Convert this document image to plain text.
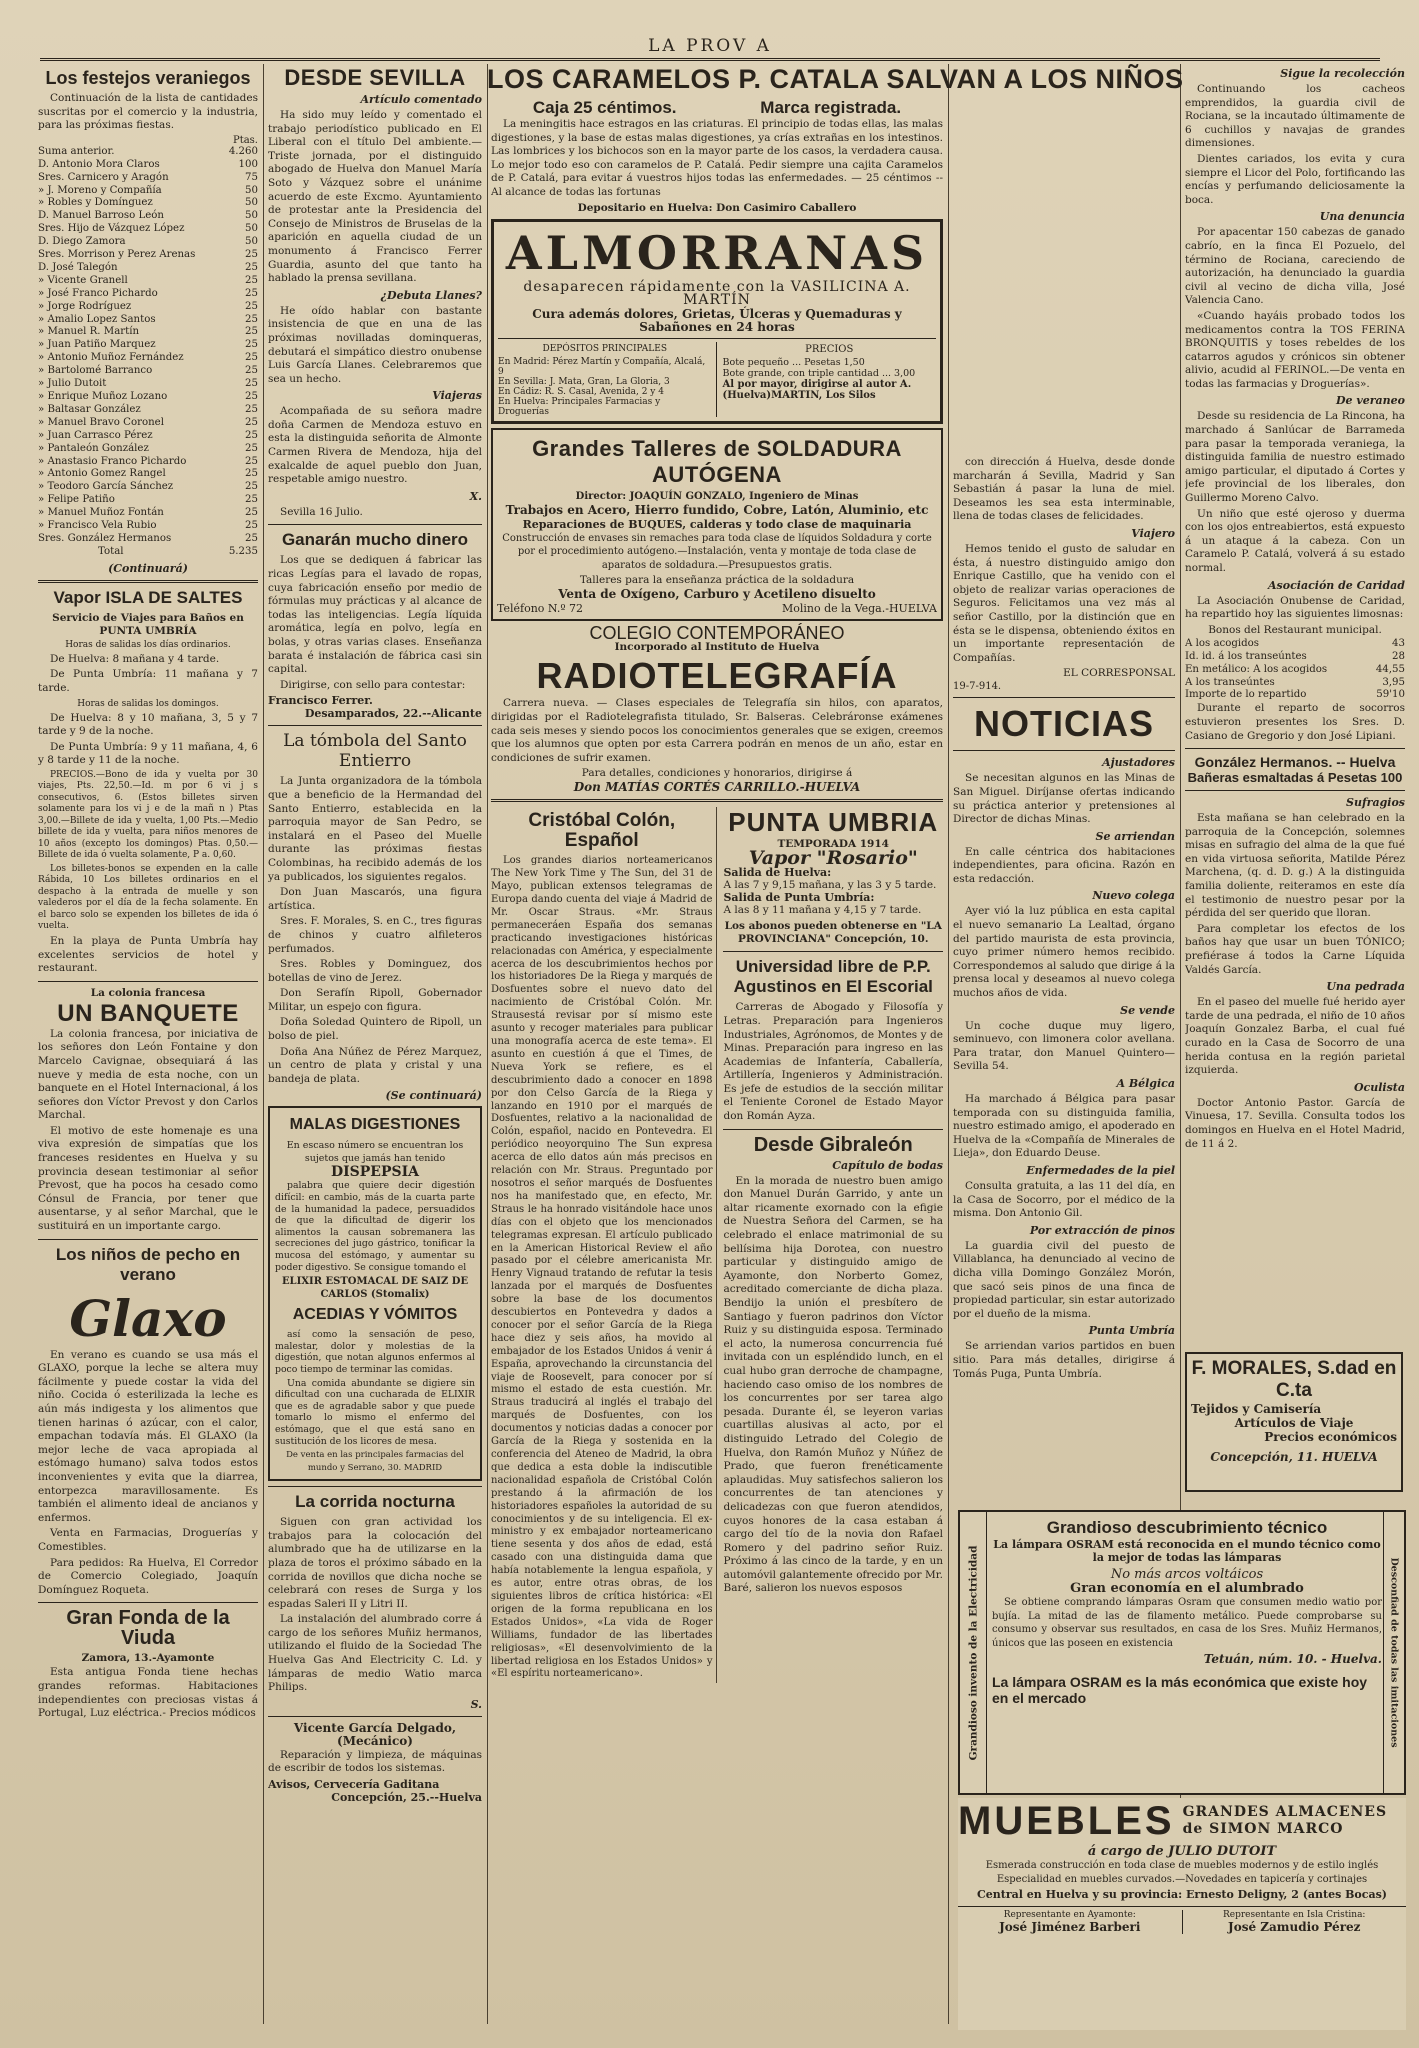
LA PROV A
Los festejos veraniegos

Continuación de la lista de cantidades suscritas por el comercio y la industria, para las próximas fiestas.

Ptas.
Suma anterior.	4.260
D. Antonio Mora Claros	100
Sres. Carnicero y Aragón	75
» J. Moreno y Compañía	50
» Robles y Domínguez	50
D. Manuel Barroso León	50
Sres. Hijo de Vázquez López	50
D. Diego Zamora	50
Sres. Morrison y Perez Arenas	25
D. José Talegón	25
» Vicente Granell	25
» José Franco Pichardo	25
» Jorge Rodríguez	25
» Amalio Lopez Santos	25
» Manuel R. Martín	25
» Juan Patiño Marquez	25
» Antonio Muñoz Fernández	25
» Bartolomé Barranco	25
» Julio Dutoit	25
» Enrique Muñoz Lozano	25
» Baltasar González	25
» Manuel Bravo Coronel	25
» Juan Carrasco Pérez	25
» Pantaleón González	25
» Anastasio Franco Pichardo	25
» Antonio Gomez Rangel	25
» Teodoro García Sánchez	25
» Felipe Patiño	25
» Manuel Muñoz Fontán	25
» Francisco Vela Rubio	25
Sres. González Hermanos	25
Total	5.235
(Continuará)
Vapor ISLA DE SALTES
Servicio de Viajes para Baños en PUNTA UMBRÍA
Horas de salidas los días ordinarios.

De Huelva: 8 mañana y 4 tarde.

De Punta Umbría: 11 mañana y 7 tarde.

Horas de salidas los domingos.

De Huelva: 8 y 10 mañana, 3, 5 y 7 tarde y 9 de la noche.

De Punta Umbría: 9 y 11 mañana, 4, 6 y 8 tarde y 11 de la noche.

PRECIOS.—Bono de ida y vuelta por 30 viajes, Pts. 22,50.—Id. m por 6 vi j s consecutivos, 6. (Estos billetes sirven solamente para los vi j e de la mañ n ) Ptas 3,00.—Billete de ida y vuelta, 1,00 Pts.—Medio billete de ida y vuelta, para niños menores de 10 años (excepto los domingos) Ptas. 0,50.—Billete de ida ó vuelta solamente, P a. 0,60.

Los billetes-bonos se expenden en la calle Rábida, 10 Los billetes ordinarios en el despacho à la entrada de muelle y son valederos por el día de la fecha solamente. En el barco solo se expenden los billetes de ida ó vuelta.

En la playa de Punta Umbría hay excelentes servicios de hotel y restaurant.

La colonia francesa
UN BANQUETE

La colonia francesa, por iniciativa de los señores don León Fontaine y don Marcelo Cavignae, obsequiará á las nueve y media de esta noche, con un banquete en el Hotel Internacional, á los señores don Víctor Prevost y don Carlos Marchal.

El motivo de este homenaje es una viva expresión de simpatías que los franceses residentes en Huelva y su provincia desean testimoniar al señor Prevost, que ha pocos ha cesado como Cónsul de Francia, por tener que ausentarse, y al señor Marchal, que le sustituirá en un importante cargo.

Los niños de pecho en verano
Glaxo

En verano es cuando se usa más el GLAXO, porque la leche se altera muy fácilmente y puede costar la vida del niño. Cocida ó esterilizada la leche es aún más indigesta y los alimentos que tienen harinas ó azúcar, con el calor, empachan todavía más. El GLAXO (la mejor leche de vaca apropiada al estómago humano) salva todos estos inconvenientes y evita que la diarrea, entorpezca maravillosamente. Es también el alimento ideal de ancianos y enfermos.

Venta en Farmacias, Droguerías y Comestibles.

Para pedidos: Ra Huelva, El Corredor de Comercio Colegiado, Joaquín Domínguez Roqueta.

Gran Fonda de la Viuda
Zamora, 13.-Ayamonte

Esta antigua Fonda tiene hechas grandes reformas. Habitaciones independientes con preciosas vistas á Portugal, Luz eléctrica.- Precios módicos

DESDE SEVILLA
Artículo comentado

Ha sido muy leído y comentado el trabajo periodístico publicado en El Liberal con el título Del ambiente.—Triste jornada, por el distinguido abogado de Huelva don Manuel María Soto y Vázquez sobre el unánime acuerdo de este Excmo. Ayuntamiento de protestar ante la Presidencia del Consejo de Ministros de Bruselas de la aparición en aquella ciudad de un monumento á Francisco Ferrer Guardia, asunto del que tanto ha hablado la prensa sevillana.

¿Debuta Llanes?

He oído hablar con bastante insistencia de que en una de las próximas novilladas dominqueras, debutará el simpático diestro onubense Luis García Llanes. Celebraremos que sea un hecho.

Viajeras

Acompañada de su señora madre doña Carmen de Mendoza estuvo en esta la distinguida señorita de Almonte Carmen Rivera de Mendoza, hija del exalcalde de aquel pueblo don Juan, respetable amigo nuestro.

X.

Sevilla 16 Julio.

Ganarán mucho dinero

Los que se dediquen á fabricar las ricas Legías para el lavado de ropas, cuya fabricación enseño por medio de fórmulas muy prácticas y al alcance de todas las inteligencias. Legía líquida aromática, legía en polvo, legía en bolas, y otras varias clases. Enseñanza barata é instalación de fábrica casi sin capital.

Dirigirse, con sello para contestar:

Francisco Ferrer.
Desamparados, 22.--Alicante
La tómbola del Santo Entierro

La Junta organizadora de la tómbola que a beneficio de la Hermandad del Santo Entierro, establecida en la parroquia mayor de San Pedro, se instalará en el Paseo del Muelle durante las próximas fiestas Colombinas, ha recibido además de los ya publicados, los siguientes regalos.

Don Juan Mascarós, una figura artística.

Sres. F. Morales, S. en C., tres figuras de chinos y cuatro alfileteros perfumados.

Sres. Robles y Dominguez, dos botellas de vino de Jerez.

Don Serafín Ripoll, Gobernador Militar, un espejo con figura.

Doña Soledad Quintero de Ripoll, un bolso de piel.

Doña Ana Núñez de Pérez Marquez, un centro de plata y cristal y una bandeja de plata.

(Se continuará)
MALAS DIGESTIONES
En escaso número se encuentran los sujetos que jamás han tenido
DISPEPSIA

palabra que quiere decir digestión difícil: en cambio, más de la cuarta parte de la humanidad la padece, persuadidos de que la dificultad de digerir los alimentos la causan sobremanera las secreciones del jugo gástrico, tonificar la mucosa del estómago, y aumentar su poder digestivo. Se consigue tomando el

ELIXIR ESTOMACAL DE SAIZ DE CARLOS (Stomalix)
ACEDIAS Y VÓMITOS

así como la sensación de peso, malestar, dolor y molestias de la digestión, que notan algunos enfermos al poco tiempo de terminar las comidas.

Una comida abundante se digiere sin dificultad con una cucharada de ELIXIR que es de agradable sabor y que puede tomarlo lo mismo el enfermo del estómago, que el que está sano en sustitución de los licores de mesa.

De venta en las principales farmacias del mundo y Serrano, 30. MADRID
La corrida nocturna

Siguen con gran actividad los trabajos para la colocación del alumbrado que ha de utilizarse en la plaza de toros el próximo sábado en la corrida de novillos que dicha noche se celebrará con reses de Surga y los espadas Saleri II y Litri II.

La instalación del alumbrado corre á cargo de los señores Muñiz hermanos, utilizando el fluido de la Sociedad The Huelva Gas And Electricity C. Ld. y lámparas de medio Watio marca Philips.

S.
Vicente García Delgado, (Mecánico)

Reparación y limpieza, de máquinas de escribir de todos los sistemas.

Avisos, Cervecería Gaditana
Concepción, 25.--Huelva
LOS CARAMELOS P. CATALA SALVAN A LOS NIÑOS
Caja 25 céntimos.	Marca registrada.

La meningitis hace estragos en las criaturas. El principio de todas ellas, las malas digestiones, y la base de estas malas digestiones, ya crías extrañas en los intestinos. Las lombrices y los bichocos son en la mayor parte de los casos, la verdadera causa. Lo mejor todo eso con caramelos de P. Catalá. Pedir siempre una cajita Caramelos de P. Catalá, para evitar á vuestros hijos todas las enfermedades. — 25 céntimos -- Al alcance de todas las fortunas

Depositario en Huelva: Don Casimiro Caballero
ALMORRANAS
desaparecen rápidamente con la VASILICINA A. MARTÍN
Cura además dolores, Grietas, Úlceras y Quemaduras y Sabañones en 24 horas
DEPÓSITOS PRINCIPALES
En Madrid: Pérez Martín y Compañía, Alcalá, 9
En Sevilla: J. Mata, Gran, La Gloria, 3
En Cádiz: R. S. Casal, Avenida, 2 y 4
En Huelva: Principales Farmacias y Droguerías
PRECIOS
Bote pequeño ... Pesetas 1,50
Bote grande, con triple cantidad ... 3,00
Al por mayor, dirigirse al autor A. (Huelva)MARTIN, Los Silos
Grandes Talleres de SOLDADURA AUTÓGENA
Director: JOAQUÍN GONZALO, Ingeniero de Minas
Trabajos en Acero, Hierro fundido, Cobre, Latón, Aluminio, etc
Reparaciones de BUQUES, calderas y todo clase de maquinaria

Construcción de envases sin remaches para toda clase de líquidos Soldadura y corte por el procedimiento autógeno.—Instalación, venta y montaje de toda clase de aparatos de soldadura.—Presupuestos gratis.

Talleres para la enseñanza práctica de la soldadura
Venta de Oxígeno, Carburo y Acetileno disuelto
Teléfono N.º 72	Molino de la Vega.-HUELVA
COLEGIO CONTEMPORÁNEO
Incorporado al Instituto de Huelva
RADIOTELEGRAFÍA

Carrera nueva. — Clases especiales de Telegrafía sin hilos, con aparatos, dirigidas por el Radiotelegrafista titulado, Sr. Balseras. Celebráronse exámenes cada seis meses y siendo pocos los conocimientos generales que se exigen, creemos que los alumnos que opten por esta Carrera podrán en menos de un año, estar en condiciones de sufrir examen.

Para detalles, condiciones y honorarios, dirigirse á
Don MATÍAS CORTÉS CARRILLO.-HUELVA
Cristóbal Colón, Español

Los grandes diarios norteamericanos The New York Time y The Sun, del 31 de Mayo, publican extensos telegramas de Europa dando cuenta del viaje á Madrid de Mr. Oscar Straus. «Mr. Straus permaneceráen España dos semanas practicando investigaciones históricas relacionadas con América, y especialmente acerca de los descubrimientos hechos por los historiadores De la Riega y marqués de Dosfuentes sobre el nuevo dato del nacimiento de Cristóbal Colón. Mr. Strausestá revisar por sí mismo este asunto y recoger materiales para publicar una monografía acerca de este tema». El asunto en cuestión á que el Times, de Nueva York se refiere, es el descubrimiento dado a conocer en 1898 por don Celso García de la Riega y lanzando en 1910 por el marqués de Dosfuentes, relativo a la nacionalidad de Colón, español, nacido en Pontevedra. El periódico neoyorquino The Sun expresa acerca de ello datos aún más precisos en relación con Mr. Straus. Preguntado por nosotros el señor marqués de Dosfuentes nos ha manifestado que, en efecto, Mr. Straus le ha honrado visitándole hace unos días con el objeto que los mencionados telegramas expresan. El artículo publicado en la American Historical Review el año pasado por el célebre americanista Mr. Henry Vignaud tratando de refutar la tesis lanzada por el marqués de Dosfuentes sobre la base de los documentos descubiertos en Pontevedra y dados a conocer por el señor García de la Riega hace diez y seis años, ha movido al embajador de los Estados Unidos á venir á España, aprovechando la circunstancia del viaje de Roosevelt, para conocer por sí mismo el estado de esta cuestión. Mr. Straus traducirá al inglés el trabajo del marqués de Dosfuentes, con los documentos y noticias dadas a conocer por García de la Riega y sostenida en la conferencia del Ateneo de Madrid, la obra que dedica a esta doble la indiscutible nacionalidad española de Cristóbal Colón prestando á la afirmación de los historiadores españoles la autoridad de su conocimientos y de su inteligencia. El ex-ministro y ex embajador norteamericano tiene sesenta y dos años de edad, está casado con una distinguida dama que había notablemente la lengua española, y es autor, entre otras obras, de los siguientes libros de crítica histórica: «El origen de la forma republicana en los Estados Unidos», «La vida de Roger Williams, fundador de las libertades religiosas», «El desenvolvimiento de la libertad religiosa en los Estados Unidos» y «El espíritu norteamericano».

PUNTA UMBRIA
TEMPORADA 1914
Vapor "Rosario"
Salida de Huelva:
A las 7 y 9,15 mañana, y las 3 y 5 tarde.
Salida de Punta Umbría:
A las 8 y 11 mañana y 4,15 y 7 tarde.
Los abonos pueden obtenerse en "LA PROVINCIANA" Concepción, 10.
Universidad libre de P.P. Agustinos en El Escorial

Carreras de Abogado y Filosofía y Letras. Preparación para Ingenieros Industriales, Agrónomos, de Montes y de Minas. Preparación para ingreso en las Academias de Infantería, Caballería, Artillería, Ingenieros y Administración. Es jefe de estudios de la sección militar el Teniente Coronel de Estado Mayor don Román Ayza.

Desde Gibraleón
Capítulo de bodas

En la morada de nuestro buen amigo don Manuel Durán Garrido, y ante un altar ricamente exornado con la efigie de Nuestra Señora del Carmen, se ha celebrado el enlace matrimonial de su bellísima hija Dorotea, con nuestro particular y distinguido amigo de Ayamonte, don Norberto Gomez, acreditado comerciante de dicha plaza. Bendijo la unión el presbítero de Santiago y fueron padrinos don Víctor Ruiz y su distinguida esposa. Terminado el acto, la numerosa concurrencia fué invitada con un espléndido lunch, en el cual hubo gran derroche de champagne, haciendo caso omiso de los nombres de los concurrentes por ser tarea algo pesada. Durante él, se leyeron varias cuartillas alusivas al acto, por el distinguido Letrado del Colegio de Huelva, don Ramón Muñoz y Núñez de Prado, que fueron frenéticamente aplaudidas. Muy satisfechos salieron los concurrentes de tan atenciones y delicadezas con que fueron atendidos, cuyos honores de la casa estaban á cargo del tío de la novia don Rafael Romero y del padrino señor Ruiz. Próximo á las cinco de la tarde, y en un automóvil galantemente ofrecido por Mr. Baré, salieron los nuevos esposos

con dirección á Huelva, desde donde marcharán á Sevilla, Madrid y San Sebastián á pasar la luna de miel. Deseamos les sea esta interminable, llena de todas clases de felicidades.

Viajero

Hemos tenido el gusto de saludar en ésta, á nuestro distinguido amigo don Enrique Castillo, que ha venido con el objeto de realizar varias operaciones de Seguros. Felicitamos una vez más al señor Castillo, por la distinción que en ésta se le dispensa, obteniendo éxitos en un importante representación de Compañías.

EL CORRESPONSAL
19-7-914.
NOTICIAS
Ajustadores

Se necesitan algunos en las Minas de San Miguel. Diríjanse ofertas indicando su práctica anterior y pretensiones al Director de dichas Minas.

Se arriendan

En calle céntrica dos habitaciones independientes, para oficina. Razón en esta redacción.

Nuevo colega

Ayer vió la luz pública en esta capital el nuevo semanario La Lealtad, órgano del partido maurista de esta provincia, cuyo primer número hemos recibido. Correspondemos al saludo que dirige á la prensa local y deseamos al nuevo colega muchos años de vida.

Se vende

Un coche duque muy ligero, seminuevo, con limonera color avellana. Para tratar, don Manuel Quintero—Sevilla 54.

A Bélgica

Ha marchado á Bélgica para pasar temporada con su distinguida familia, nuestro estimado amigo, el apoderado en Huelva de la «Compañía de Minerales de Lieja», don Eduardo Deuse.

Enfermedades de la piel

Consulta gratuita, a las 11 del día, en la Casa de Socorro, por el médico de la misma. Don Antonio Gil.

Por extracción de pinos

La guardia civil del puesto de Villablanca, ha denunciado al vecino de dicha villa Domingo González Morón, que sacó seis pinos de una finca de propiedad particular, sin estar autorizado por el dueño de la misma.

Punta Umbría

Se arriendan varios partidos en buen sitio. Para más detalles, dirigirse á Tomás Puga, Punta Umbría.

Sigue la recolección

Continuando los cacheos emprendidos, la guardia civil de Rociana, se la incautado últimamente de 6 cuchillos y navajas de grandes dimensiones.

Dientes cariados, los evita y cura siempre el Licor del Polo, fortificando las encías y perfumando deliciosamente la boca.

Una denuncia

Por apacentar 150 cabezas de ganado cabrío, en la finca El Pozuelo, del término de Rociana, careciendo de autorización, ha denunciado la guardia civil al vecino de dicha villa, José Valencia Cano.

«Cuando hayáis probado todos los medicamentos contra la TOS FERINA BRONQUITIS y toses rebeldes de los catarros agudos y crónicos sin obtener alivio, acudid al FERINOL.—De venta en todas las farmacias y Droguerías».

De veraneo

Desde su residencia de La Rincona, ha marchado á Sanlúcar de Barrameda para pasar la temporada veraniega, la distinguida familia de nuestro estimado amigo particular, el diputado á Cortes y jefe provincial de los liberales, don Guillermo Moreno Calvo.

Un niño que esté ojeroso y duerma con los ojos entreabiertos, está expuesto á un ataque á la cabeza. Con un Caramelo P. Catalá, volverá á su estado normal.

Asociación de Caridad

La Asociación Onubense de Caridad, ha repartido hoy las siguientes limosnas:

Bonos del Restaurant municipal.
A los acogidos	43
Id. id. á los transeúntes	28
En metálico: A los acogidos	44,55
A los transeúntes	3,95
Importe de lo repartido	59'10

Durante el reparto de socorros estuvieron presentes los Sres. D. Casiano de Gregorio y don José Lipiani.

González Hermanos. -- Huelva
Bañeras esmaltadas á Pesetas 100
Sufragios

Esta mañana se han celebrado en la parroquia de la Concepción, solemnes misas en sufragio del alma de la que fué en vida virtuosa señorita, Matilde Pérez Marchena, (q. d. D. g.) A la distinguida familia doliente, reiteramos en este día el testimonio de nuestro pesar por la pérdida del ser querido que lloran.

Para completar los efectos de los baños hay que usar un buen TÓNICO; prefiérase á todos la Carne Líquida Valdés García.

Una pedrada

En el paseo del muelle fué herido ayer tarde de una pedrada, el niño de 10 años Joaquín Gonzalez Barba, el cual fué curado en la Casa de Socorro de una herida contusa en la región parietal izquierda.

Oculista

Doctor Antonio Pastor. García de Vinuesa, 17. Sevilla. Consulta todos los domingos en Huelva en el Hotel Madrid, de 11 á 2.

F. MORALES, S.dad en C.ta
Tejidos y Camisería
Artículos de Viaje
Precios económicos
Concepción, 11. HUELVA
Grandioso invento de la Electricidad	Desconfiad de todas las imitaciones
Grandioso descubrimiento técnico
La lámpara OSRAM está reconocida en el mundo técnico como la mejor de todas las lámparas
No más arcos voltáicos
Gran economía en el alumbrado

Se obtiene comprando lámparas Osram que consumen medio watio por bujía. La mitad de las de filamento metálico. Puede comprobarse su consumo y observar sus resultados, en casa de los Sres. Muñiz Hermanos, únicos que las poseen en existencia

Tetuán, núm. 10. - Huelva.
La lámpara OSRAM es la más económica que existe hoy en el mercado
MUEBLES GRANDES ALMACENES de SIMON MARCO
á cargo de JULIO DUTOIT

Esmerada construcción en toda clase de muebles modernos y de estilo inglés Especialidad en muebles curvados.—Novedades en tapicería y cortinajes

Central en Huelva y su provincia: Ernesto Deligny, 2 (antes Bocas)
Representante en Ayamonte:
José Jiménez Barberi
Representante en Isla Cristina:
José Zamudio Pérez
